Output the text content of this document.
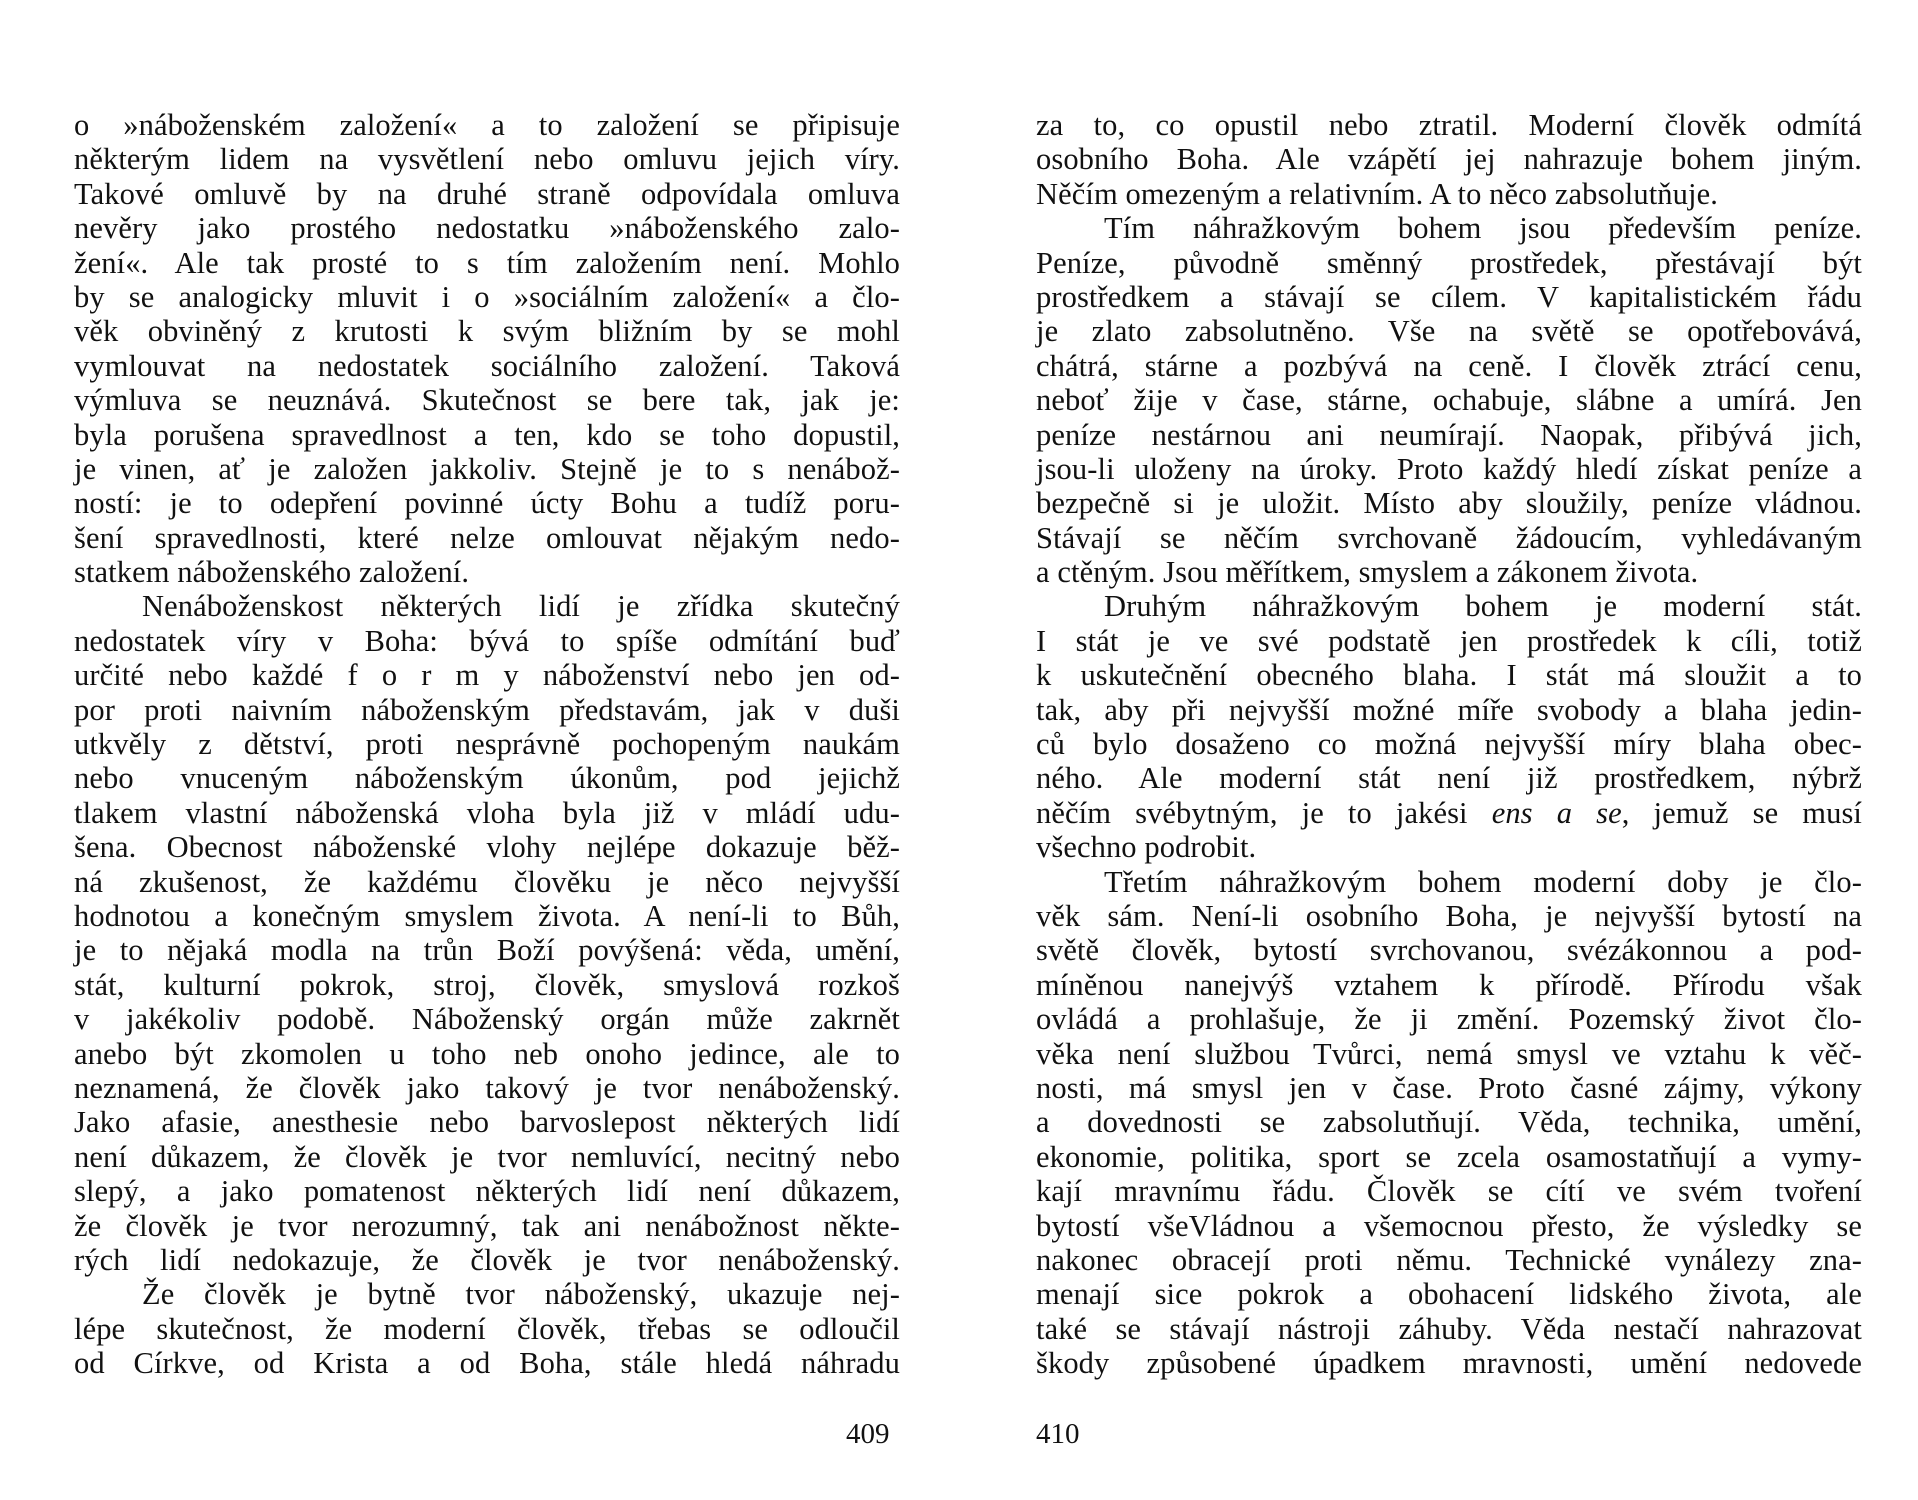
o »náboženském založení« a to založení se připisuje
některým lidem na vysvětlení nebo omluvu jejich víry.
Takové omluvě by na druhé straně odpovídala omluva
nevěry jako prostého nedostatku »náboženského zalo-
žení«. Ale tak prosté to s tím založením není. Mohlo
by se analogicky mluvit i o »sociálním založení« a člo-
věk obviněný z krutosti k svým bližním by se mohl
vymlouvat na nedostatek sociálního založení. Taková
výmluva se neuznává. Skutečnost se bere tak, jak je:
byla porušena spravedlnost a ten, kdo se toho dopustil,
je vinen, ať je založen jakkoliv. Stejně je to s nenábož-
ností: je to odepření povinné úcty Bohu a tudíž poru-
šení spravedlnosti, které nelze omlouvat nějakým nedo-
statkem náboženského založení.
Nenáboženskost některých lidí je zřídka skutečný
nedostatek víry v Boha: bývá to spíše odmítání buď
určité nebo každé f o r m y náboženství nebo jen od-
por proti naivním náboženským představám, jak v duši
utkvěly z dětství, proti nesprávně pochopeným naukám
nebo vnuceným náboženským úkonům, pod jejichž
tlakem vlastní náboženská vloha byla již v mládí udu-
šena. Obecnost náboženské vlohy nejlépe dokazuje běž-
ná zkušenost, že každému člověku je něco nejvyšší
hodnotou a konečným smyslem života. A není-li to Bůh,
je to nějaká modla na trůn Boží povýšená: věda, umění,
stát, kulturní pokrok, stroj, člověk, smyslová rozkoš
v jakékoliv podobě. Náboženský orgán může zakrnět
anebo být zkomolen u toho neb onoho jedince, ale to
neznamená, že člověk jako takový je tvor nenáboženský.
Jako afasie, anesthesie nebo barvoslepost některých lidí
není důkazem, že člověk je tvor nemluvící, necitný nebo
slepý, a jako pomatenost některých lidí není důkazem,
že člověk je tvor nerozumný, tak ani nenábožnost někte-
rých lidí nedokazuje, že člověk je tvor nenáboženský.
Že člověk je bytně tvor náboženský, ukazuje nej-
lépe skutečnost, že moderní člověk, třebas se odloučil
od Církve, od Krista a od Boha, stále hledá náhradu
za to, co opustil nebo ztratil. Moderní člověk odmítá
osobního Boha. Ale vzápětí jej nahrazuje bohem jiným.
Něčím omezeným a relativním. A to něco zabsolutňuje.
Tím náhražkovým bohem jsou především peníze.
Peníze, původně směnný prostředek, přestávají být
prostředkem a stávají se cílem. V kapitalistickém řádu
je zlato zabsolutněno. Vše na světě se opotřebovává,
chátrá, stárne a pozbývá na ceně. I člověk ztrácí cenu,
neboť žije v čase, stárne, ochabuje, slábne a umírá. Jen
peníze nestárnou ani neumírají. Naopak, přibývá jich,
jsou-li uloženy na úroky. Proto každý hledí získat peníze a
bezpečně si je uložit. Místo aby sloužily, peníze vládnou.
Stávají se něčím svrchovaně žádoucím, vyhledávaným
a ctěným. Jsou měřítkem, smyslem a zákonem života.
Druhým náhražkovým bohem je moderní stát.
I stát je ve své podstatě jen prostředek k cíli, totiž
k uskutečnění obecného blaha. I stát má sloužit a to
tak, aby při nejvyšší možné míře svobody a blaha jedin-
ců bylo dosaženo co možná nejvyšší míry blaha obec-
ného. Ale moderní stát není již prostředkem, nýbrž
něčím svébytným, je to jakési ens a se, jemuž se musí
všechno podrobit.
Třetím náhražkovým bohem moderní doby je člo-
věk sám. Není-li osobního Boha, je nejvyšší bytostí na
světě člověk, bytostí svrchovanou, svézákonnou a pod-
míněnou nanejvýš vztahem k přírodě. Přírodu však
ovládá a prohlašuje, že ji změní. Pozemský život člo-
věka není službou Tvůrci, nemá smysl ve vztahu k věč-
nosti, má smysl jen v čase. Proto časné zájmy, výkony
a dovednosti se zabsolutňují. Věda, technika, umění,
ekonomie, politika, sport se zcela osamostatňují a vymy-
kají mravnímu řádu. Člověk se cítí ve svém tvoření
bytostí všeVládnou a všemocnou přesto, že výsledky se
nakonec obracejí proti němu. Technické vynálezy zna-
menají sice pokrok a obohacení lidského života, ale
také se stávají nástroji záhuby. Věda nestačí nahrazovat
škody způsobené úpadkem mravnosti, umění nedovede
409	410
